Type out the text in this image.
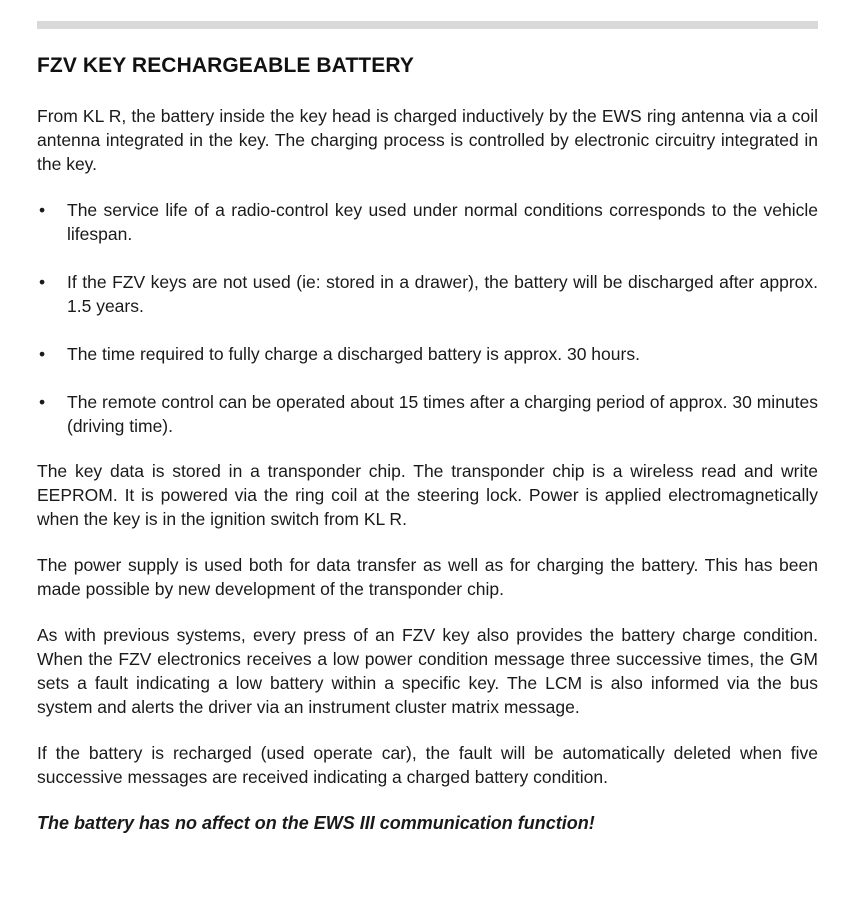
FZV KEY RECHARGEABLE BATTERY

From KL R, the battery inside the key head is charged inductively by the EWS ring antenna via a coil antenna integrated in the key. The charging process is controlled by electronic circuitry integrated in the key.

• The service life of a radio-control key used under normal conditions corresponds to the vehicle lifespan.
• If the FZV keys are not used (ie: stored in a drawer), the battery will be discharged after approx. 1.5 years.
• The time required to fully charge a discharged battery is approx. 30 hours.
• The remote control can be operated about 15 times after a charging period of approx. 30 minutes (driving time).

The key data is stored in a transponder chip. The transponder chip is a wireless read and write EEPROM. It is powered via the ring coil at the steering lock. Power is applied electromagnetically when the key is in the ignition switch from KL R.

The power supply is used both for data transfer as well as for charging the battery. This has been made possible by new development of the transponder chip.

As with previous systems, every press of an FZV key also provides the battery charge condition. When the FZV electronics receives a low power condition message three successive times, the GM sets a fault indicating a low battery within a specific key. The LCM is also informed via the bus system and alerts the driver via an instrument cluster matrix message.

If the battery is recharged (used operate car), the fault will be automatically deleted when five successive messages are received indicating a charged battery condition.

The battery has no affect on the EWS III communication function!
